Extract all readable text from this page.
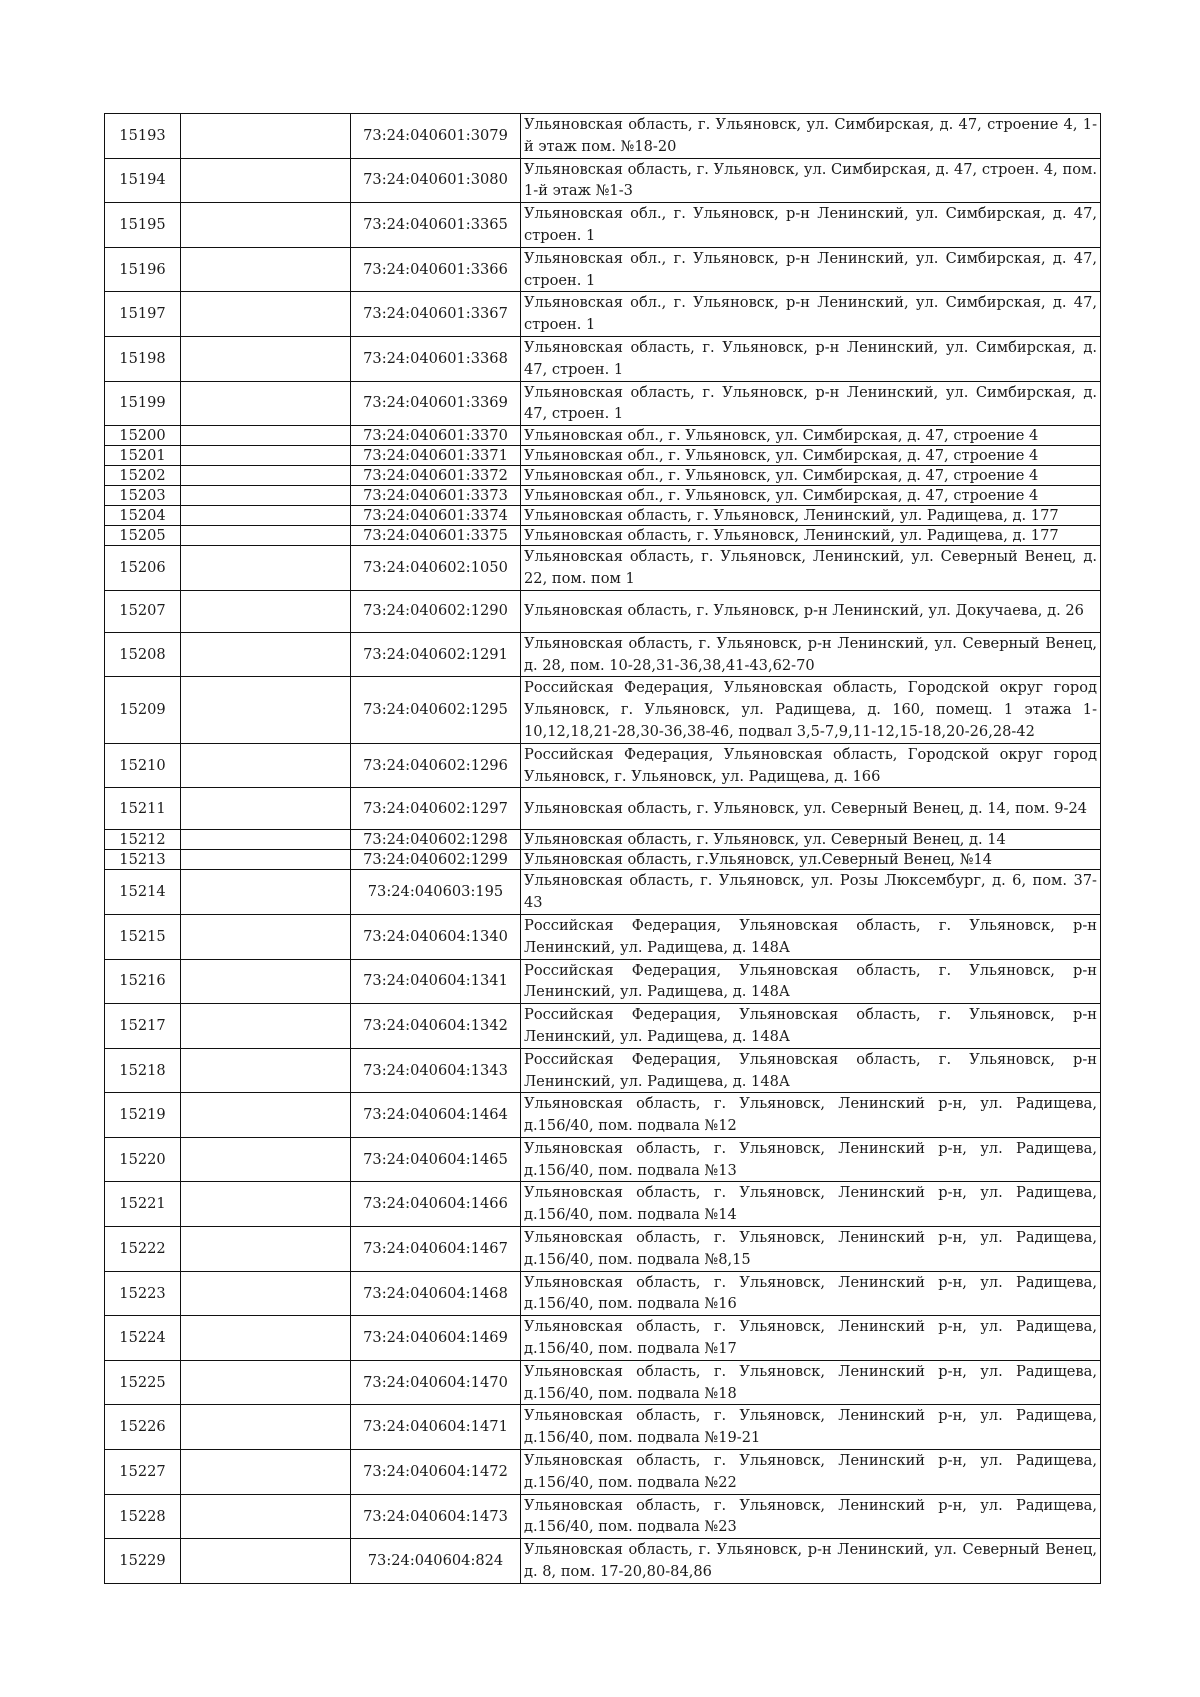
15193		73:24:040601:3079	Ульяновская область, г. Ульяновск, ул. Симбирская, д. 47, строение 4, 1-й этаж пом. №18-20
15194		73:24:040601:3080	Ульяновская область, г. Ульяновск, ул. Симбирская, д. 47, строен. 4, пом. 1-й этаж №1-3
15195		73:24:040601:3365	Ульяновская обл., г. Ульяновск, р-н Ленинский, ул. Симбирская, д. 47, строен. 1
15196		73:24:040601:3366	Ульяновская обл., г. Ульяновск, р-н Ленинский, ул. Симбирская, д. 47, строен. 1
15197		73:24:040601:3367	Ульяновская обл., г. Ульяновск, р-н Ленинский, ул. Симбирская, д. 47, строен. 1
15198		73:24:040601:3368	Ульяновская область, г. Ульяновск, р-н Ленинский, ул. Симбирская, д. 47, строен. 1
15199		73:24:040601:3369	Ульяновская область, г. Ульяновск, р-н Ленинский, ул. Симбирская, д. 47, строен. 1
15200		73:24:040601:3370	Ульяновская обл., г. Ульяновск, ул. Симбирская, д. 47, строение 4
15201		73:24:040601:3371	Ульяновская обл., г. Ульяновск, ул. Симбирская, д. 47, строение 4
15202		73:24:040601:3372	Ульяновская обл., г. Ульяновск, ул. Симбирская, д. 47, строение 4
15203		73:24:040601:3373	Ульяновская обл., г. Ульяновск, ул. Симбирская, д. 47, строение 4
15204		73:24:040601:3374	Ульяновская область, г. Ульяновск, Ленинский, ул. Радищева, д. 177
15205		73:24:040601:3375	Ульяновская область, г. Ульяновск, Ленинский, ул. Радищева, д. 177
15206		73:24:040602:1050	Ульяновская область, г. Ульяновск, Ленинский, ул. Северный Венец, д. 22, пом. пом 1
15207		73:24:040602:1290	Ульяновская область, г. Ульяновск, р-н Ленинский, ул. Докучаева, д. 26
15208		73:24:040602:1291	Ульяновская область, г. Ульяновск, р-н Ленинский, ул. Северный Венец, д. 28, пом. 10-28,31-36,38,41-43,62-70
15209		73:24:040602:1295	Российская Федерация, Ульяновская область, Городской округ город Ульяновск, г. Ульяновск, ул. Радищева, д. 160, помещ. 1 этажа 1-10,12,18,21-28,30-36,38-46, подвал 3,5-7,9,11-12,15-18,20-26,28-42
15210		73:24:040602:1296	Российская Федерация, Ульяновская область, Городской округ город Ульяновск, г. Ульяновск, ул. Радищева, д. 166
15211		73:24:040602:1297	Ульяновская область, г. Ульяновск, ул. Северный Венец, д. 14, пом. 9-24
15212		73:24:040602:1298	Ульяновская область, г. Ульяновск, ул. Северный Венец, д. 14
15213		73:24:040602:1299	Ульяновская область, г.Ульяновск, ул.Северный Венец, №14
15214		73:24:040603:195	Ульяновская область, г. Ульяновск, ул. Розы Люксембург, д. 6, пом. 37-43
15215		73:24:040604:1340	Российская Федерация, Ульяновская область, г. Ульяновск, р-н Ленинский, ул. Радищева, д. 148А
15216		73:24:040604:1341	Российская Федерация, Ульяновская область, г. Ульяновск, р-н Ленинский, ул. Радищева, д. 148А
15217		73:24:040604:1342	Российская Федерация, Ульяновская область, г. Ульяновск, р-н Ленинский, ул. Радищева, д. 148А
15218		73:24:040604:1343	Российская Федерация, Ульяновская область, г. Ульяновск, р-н Ленинский, ул. Радищева, д. 148А
15219		73:24:040604:1464	Ульяновская область, г. Ульяновск, Ленинский р-н, ул. Радищева, д.156/40, пом. подвала №12
15220		73:24:040604:1465	Ульяновская область, г. Ульяновск, Ленинский р-н, ул. Радищева, д.156/40, пом. подвала №13
15221		73:24:040604:1466	Ульяновская область, г. Ульяновск, Ленинский р-н, ул. Радищева, д.156/40, пом. подвала №14
15222		73:24:040604:1467	Ульяновская область, г. Ульяновск, Ленинский р-н, ул. Радищева, д.156/40, пом. подвала №8,15
15223		73:24:040604:1468	Ульяновская область, г. Ульяновск, Ленинский р-н, ул. Радищева, д.156/40, пом. подвала №16
15224		73:24:040604:1469	Ульяновская область, г. Ульяновск, Ленинский р-н, ул. Радищева, д.156/40, пом. подвала №17
15225		73:24:040604:1470	Ульяновская область, г. Ульяновск, Ленинский р-н, ул. Радищева, д.156/40, пом. подвала №18
15226		73:24:040604:1471	Ульяновская область, г. Ульяновск, Ленинский р-н, ул. Радищева, д.156/40, пом. подвала №19-21
15227		73:24:040604:1472	Ульяновская область, г. Ульяновск, Ленинский р-н, ул. Радищева, д.156/40, пом. подвала №22
15228		73:24:040604:1473	Ульяновская область, г. Ульяновск, Ленинский р-н, ул. Радищева, д.156/40, пом. подвала №23
15229		73:24:040604:824	Ульяновская область, г. Ульяновск, р-н Ленинский, ул. Северный Венец, д. 8, пом. 17-20,80-84,86
